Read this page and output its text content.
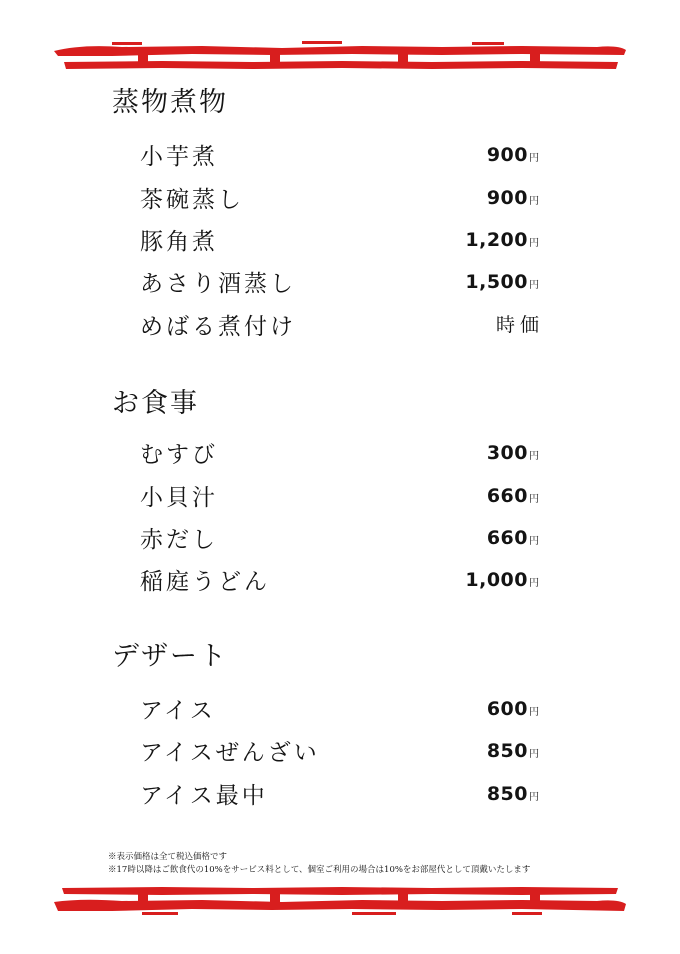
蒸物煮物
小芋煮	900 円
茶碗蒸し	900 円
豚角煮	1,200 円
あさり酒蒸し	1,500 円
めばる煮付け	時価
お食事
むすび	300 円
小貝汁	660 円
赤だし	660 円
稲庭うどん	1,000 円
デザート
アイス	600 円
アイスぜんざい	850 円
アイス最中	850 円
※表示価格は全て税込価格です
※17時以降はご飲食代の10%をサービス料として、個室ご利用の場合は10%をお部屋代として頂戴いたします
